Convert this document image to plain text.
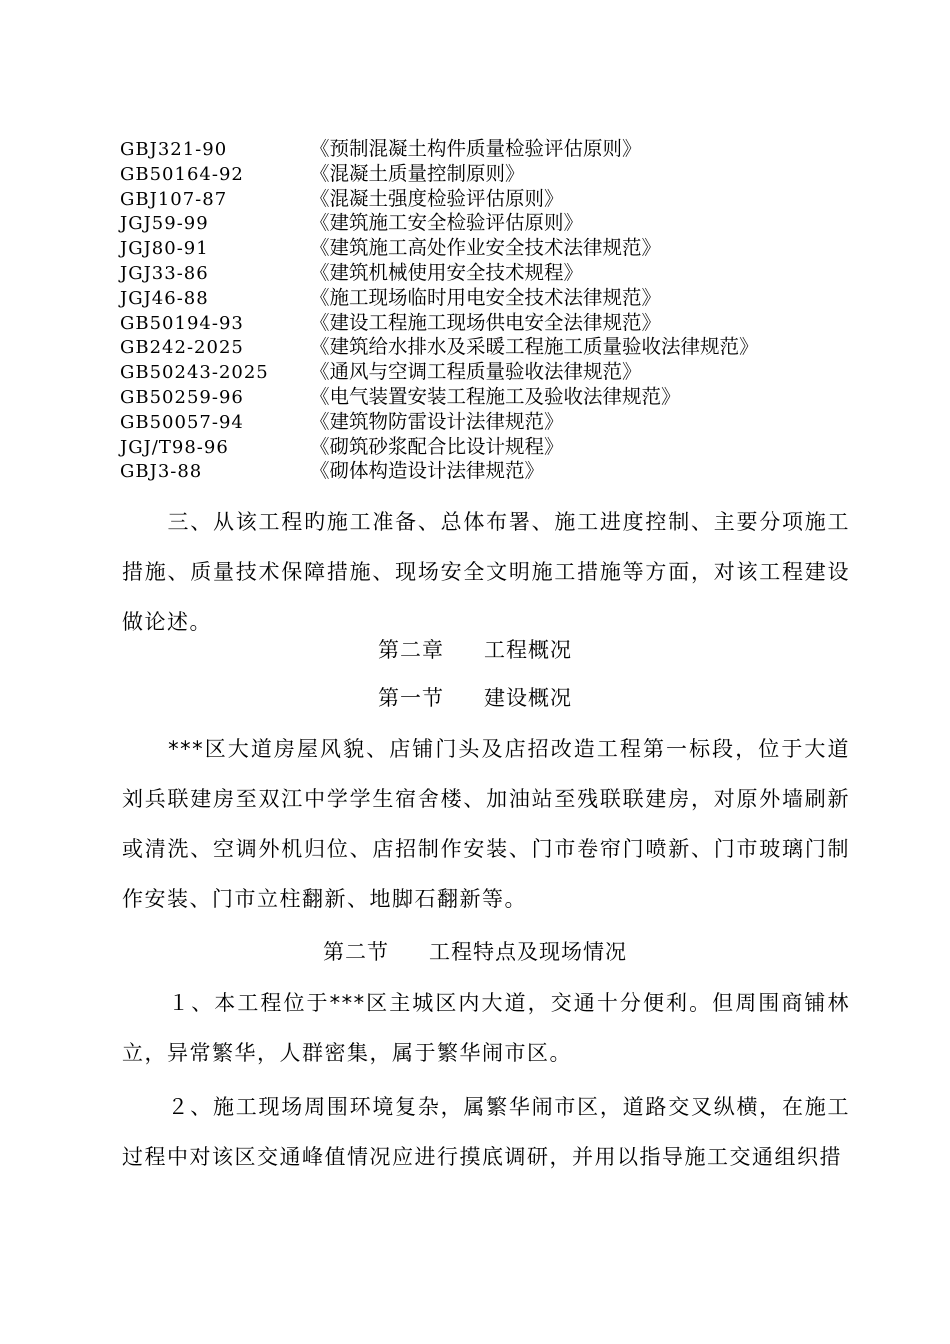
GBJ321-90	《预制混凝土构件质量检验评估原则》
GB50164-92	《混凝土质量控制原则》
GBJ107-87	《混凝土强度检验评估原则》
JGJ59-99	《建筑施工安全检验评估原则》
JGJ80-91	《建筑施工高处作业安全技术法律规范》
JGJ33-86	《建筑机械使用安全技术规程》
JGJ46-88	《施工现场临时用电安全技术法律规范》
GB50194-93	《建设工程施工现场供电安全法律规范》
GB242-2025	《建筑给水排水及采暖工程施工质量验收法律规范》
GB50243-2025 《通风与空调工程质量验收法律规范》
GB50259-96	《电气装置安装工程施工及验收法律规范》
GB50057-94	《建筑物防雷设计法律规范》
JGJ/T98-96	《砌筑砂浆配合比设计规程》
GBJ3-88	《砌体构造设计法律规范》
　　三、从该工程旳施工准备、总体布署、施工进度控制、主要分项施工措施、质量技术保障措施、现场安全文明施工措施等方面，对该工程建设做论述。
第二章 工程概况
第一节 建设概况
　　***区大道房屋风貌、店铺门头及店招改造工程第一标段，位于大道刘兵联建房至双江中学学生宿舍楼、加油站至残联联建房，对原外墙刷新或清洗、空调外机归位、店招制作安装、门市卷帘门喷新、门市玻璃门制作安装、门市立柱翻新、地脚石翻新等。
第二节 工程特点及现场情况
　　１、本工程位于***区主城区内大道，交通十分便利。但周围商铺林立，异常繁华，人群密集，属于繁华闹市区。
　　２、施工现场周围环境复杂，属繁华闹市区，道路交叉纵横，在施工过程中对该区交通峰值情况应进行摸底调研，并用以指导施工交通组织措
